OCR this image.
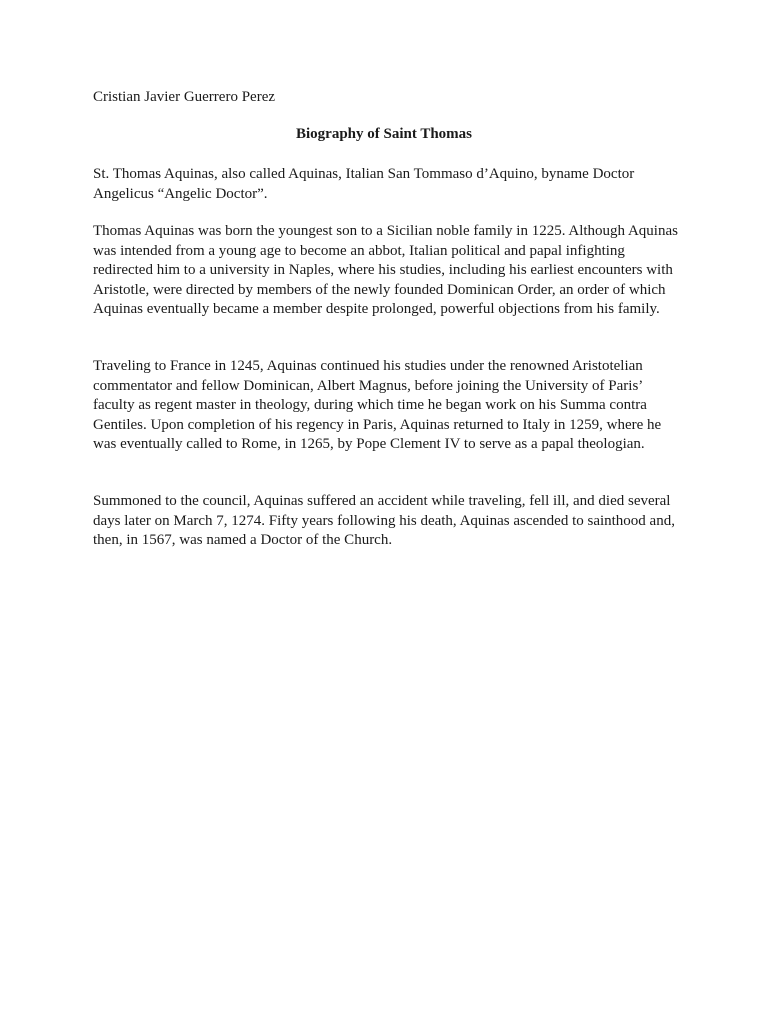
Cristian Javier Guerrero Perez

Biography of Saint Thomas

St. Thomas Aquinas, also called Aquinas, Italian San Tommaso d’Aquino, byname Doctor Angelicus “Angelic Doctor”.

Thomas Aquinas was born the youngest son to a Sicilian noble family in 1225. Although Aquinas was intended from a young age to become an abbot, Italian political and papal infighting redirected him to a university in Naples, where his studies, including his earliest encounters with Aristotle, were directed by members of the newly founded Dominican Order, an order of which Aquinas eventually became a member despite prolonged, powerful objections from his family.

Traveling to France in 1245, Aquinas continued his studies under the renowned Aristotelian commentator and fellow Dominican, Albert Magnus, before joining the University of Paris’ faculty as regent master in theology, during which time he began work on his Summa contra Gentiles. Upon completion of his regency in Paris, Aquinas returned to Italy in 1259, where he was eventually called to Rome, in 1265, by Pope Clement IV to serve as a papal theologian.

Summoned to the council, Aquinas suffered an accident while traveling, fell ill, and died several days later on March 7, 1274. Fifty years following his death, Aquinas ascended to sainthood and, then, in 1567, was named a Doctor of the Church.
